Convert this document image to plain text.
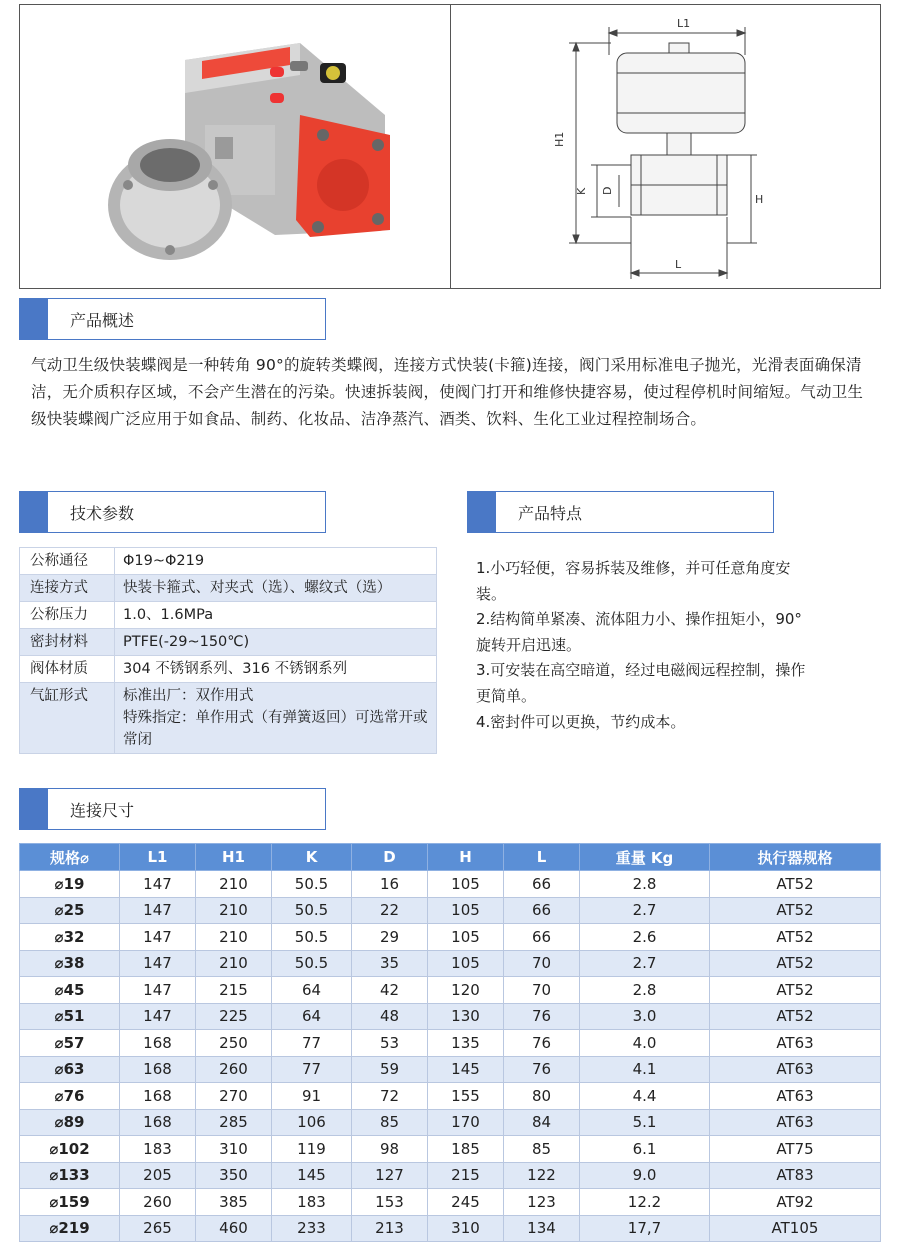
L1
H1
K D
H
L
产品概述

气动卫生级快装蝶阀是一种转角 90°的旋转类蝶阀，连接方式快装(卡箍)连接，阀门采用标准电子抛光，光滑表面确保清洁，无介质积存区域，不会产生潜在的污染。快速拆装阀，使阀门打开和维修快捷容易，使过程停机时间缩短。气动卫生级快装蝶阀广泛应用于如食品、制药、化妆品、洁净蒸汽、酒类、饮料、生化工业过程控制场合。

技术参数	产品特点
公称通径	Φ19~Φ219
连接方式	快装卡箍式、对夹式（选）、螺纹式（选）
公称压力	1.0、1.6MPa
密封材料	PTFE(-29~150℃)
阀体材质	304 不锈钢系列、316 不锈钢系列
气缸形式	标准出厂：双作用式
特殊指定：单作用式（有弹簧返回）可选常开或常闭
1.小巧轻便，容易拆装及维修，并可任意角度安装。
2.结构简单紧凑、流体阻力小、操作扭矩小，90°旋转开启迅速。
3.可安装在高空暗道，经过电磁阀远程控制，操作更简单。
4.密封件可以更换，节约成本。
连接尺寸
规格⌀	L1	H1	K	D	H	L	重量 Kg	执行器规格
⌀19	147	210	50.5	16	105	66	2.8	AT52
⌀25	147	210	50.5	22	105	66	2.7	AT52
⌀32	147	210	50.5	29	105	66	2.6	AT52
⌀38	147	210	50.5	35	105	70	2.7	AT52
⌀45	147	215	64	42	120	70	2.8	AT52
⌀51	147	225	64	48	130	76	3.0	AT52
⌀57	168	250	77	53	135	76	4.0	AT63
⌀63	168	260	77	59	145	76	4.1	AT63
⌀76	168	270	91	72	155	80	4.4	AT63
⌀89	168	285	106	85	170	84	5.1	AT63
⌀102	183	310	119	98	185	85	6.1	AT75
⌀133	205	350	145	127	215	122	9.0	AT83
⌀159	260	385	183	153	245	123	12.2	AT92
⌀219	265	460	233	213	310	134	17,7	AT105
